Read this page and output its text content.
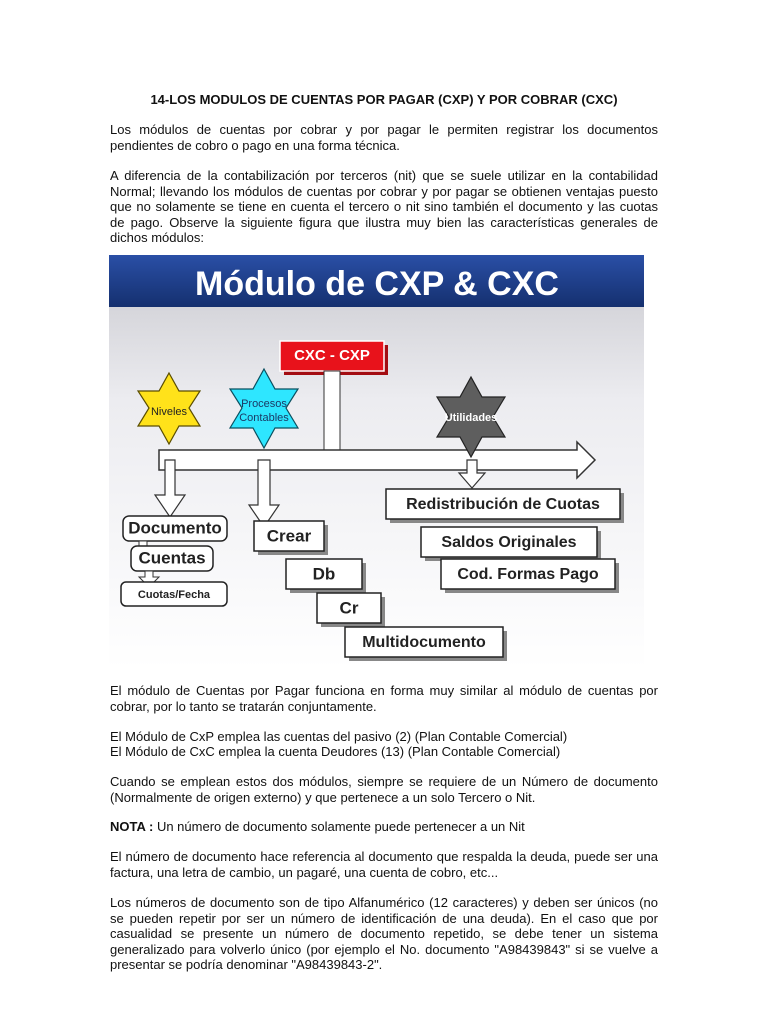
14-LOS MODULOS DE CUENTAS POR PAGAR (CXP) Y POR COBRAR (CXC)

Los módulos de cuentas por cobrar y por pagar le permiten registrar los documentos pendientes de cobro o pago en una forma técnica.

A diferencia de la contabilización por terceros (nit) que se suele utilizar en la contabilidad Normal; llevando los módulos de cuentas por cobrar y por pagar se obtienen ventajas puesto que no solamente se tiene en cuenta el tercero o nit sino también el documento y las cuotas de pago. Observe la siguiente figura que ilustra muy bien las características generales de dichos módulos:

Módulo de CXP & CXC
CXC - CXP
Niveles
Procesos
Contables	Utilidades
Documento
Cuentas
Cuotas/Fecha
Crear
Db
Cr
Multidocumento
Redistribución de Cuotas
Saldos Originales
Cod. Formas Pago

El módulo de Cuentas por Pagar funciona en forma muy similar al módulo de cuentas por cobrar, por lo tanto se tratarán conjuntamente.

El Módulo de CxP emplea las cuentas del pasivo (2) (Plan Contable Comercial)

El Módulo de CxC emplea la cuenta Deudores (13) (Plan Contable Comercial)

Cuando se emplean estos dos módulos, siempre se requiere de un Número de documento (Normalmente de origen externo) y que pertenece a un solo Tercero o Nit.

NOTA : Un número de documento solamente puede pertenecer a un Nit

El número de documento hace referencia al documento que respalda la deuda, puede ser una factura, una letra de cambio, un pagaré, una cuenta de cobro, etc...

Los números de documento son de tipo Alfanumérico (12 caracteres) y deben ser únicos (no se pueden repetir por ser un número de identificación de una deuda). En el caso que por casualidad se presente un número de documento repetido, se debe tener un sistema generalizado para volverlo único (por ejemplo el No. documento "A98439843" si se vuelve a presentar se podría denominar "A98439843-2".
